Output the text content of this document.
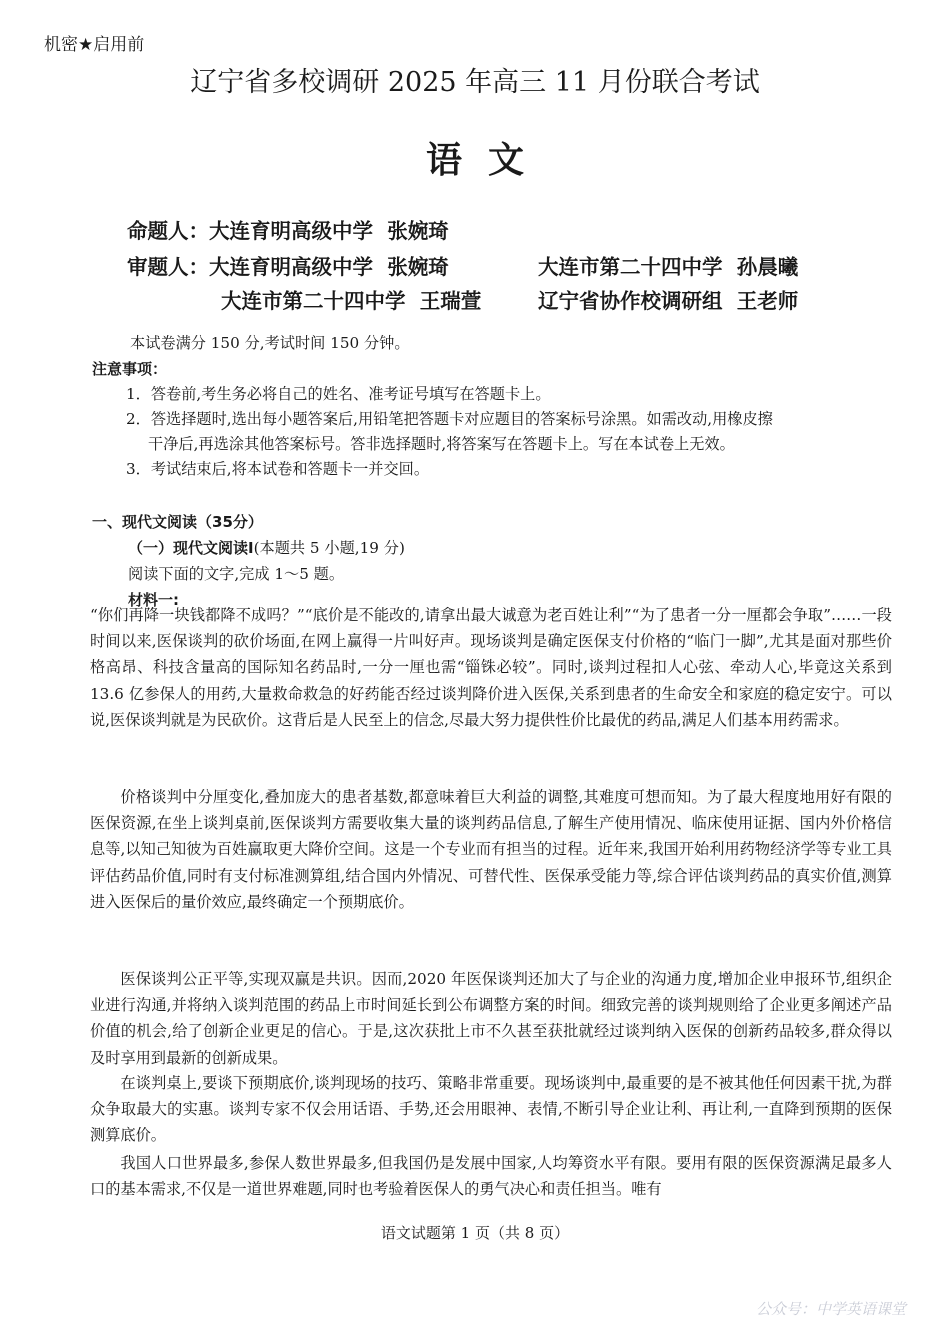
机密★启用前
辽宁省多校调研 2025 年高三 11 月份联合考试
语文
命题人：大连育明高级中学  张婉琦
审题人：大连育明高级中学  张婉琦	大连市第二十四中学  孙晨曦
大连市第二十四中学  王瑞萱	辽宁省协作校调研组  王老师
本试卷满分 150 分,考试时间 150 分钟。
注意事项：
1．答卷前,考生务必将自己的姓名、准考证号填写在答题卡上。
2．答选择题时,选出每小题答案后,用铅笔把答题卡对应题目的答案标号涂黑。如需改动,用橡皮擦
干净后,再选涂其他答案标号。答非选择题时,将答案写在答题卡上。写在本试卷上无效。
3．考试结束后,将本试卷和答题卡一并交回。
一、现代文阅读（35分）
（一）现代文阅读Ⅰ(本题共 5 小题,19 分)
阅读下面的文字,完成 1～5 题。
材料一:

“你们再降一块钱都降不成吗？”“底价是不能改的,请拿出最大诚意为老百姓让利”“为了患者一分一厘都会争取”……一段时间以来,医保谈判的砍价场面,在网上赢得一片叫好声。现场谈判是确定医保支付价格的“临门一脚”,尤其是面对那些价格高昂、科技含量高的国际知名药品时,一分一厘也需“锱铢必较”。同时,谈判过程扣人心弦、牵动人心,毕竟这关系到 13.6 亿参保人的用药,大量救命救急的好药能否经过谈判降价进入医保,关系到患者的生命安全和家庭的稳定安宁。可以说,医保谈判就是为民砍价。这背后是人民至上的信念,尽最大努力提供性价比最优的药品,满足人们基本用药需求。

价格谈判中分厘变化,叠加庞大的患者基数,都意味着巨大利益的调整,其难度可想而知。为了最大程度地用好有限的医保资源,在坐上谈判桌前,医保谈判方需要收集大量的谈判药品信息,了解生产使用情况、临床使用证据、国内外价格信息等,以知己知彼为百姓赢取更大降价空间。这是一个专业而有担当的过程。近年来,我国开始利用药物经济学等专业工具评估药品价值,同时有支付标准测算组,结合国内外情况、可替代性、医保承受能力等,综合评估谈判药品的真实价值,测算进入医保后的量价效应,最终确定一个预期底价。

医保谈判公正平等,实现双赢是共识。因而,2020 年医保谈判还加大了与企业的沟通力度,增加企业申报环节,组织企业进行沟通,并将纳入谈判范围的药品上市时间延长到公布调整方案的时间。细致完善的谈判规则给了企业更多阐述产品价值的机会,给了创新企业更足的信心。于是,这次获批上市不久甚至获批就经过谈判纳入医保的创新药品较多,群众得以及时享用到最新的创新成果。

在谈判桌上,要谈下预期底价,谈判现场的技巧、策略非常重要。现场谈判中,最重要的是不被其他任何因素干扰,为群众争取最大的实惠。谈判专家不仅会用话语、手势,还会用眼神、表情,不断引导企业让利、再让利,一直降到预期的医保测算底价。

我国人口世界最多,参保人数世界最多,但我国仍是发展中国家,人均筹资水平有限。要用有限的医保资源满足最多人口的基本需求,不仅是一道世界难题,同时也考验着医保人的勇气决心和责任担当。唯有

语文试题第 1 页（共 8 页）
公众号：中学英语课堂
